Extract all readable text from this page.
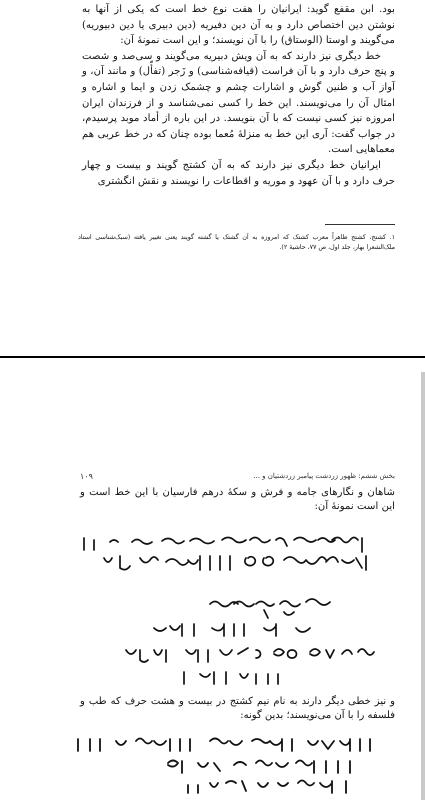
بود. ابن مقفع گوید: ایرانیان را هفت نوع خط است که یکی از آنها به نوشتن دین اختصاص دارد و به آن دین دفیریه (دین دبیری یا دین دبیوریه) می‌گویند و اوستا (الوستاق) را با آن نویسند؛ و این است نمونهٔ آن:

خط دیگری نیز دارند که به آن ویش دبیریه می‌گویند و سی‌صد و شصت و پنج حرف دارد و با آن فراست (قیافه‌شناسی) و زَجر (تفأّل) و مانند آن، و آواز آب و طنین گوش و اشارات چشم و چشمک زدن و ایما و اشاره و امثال آن را می‌نویسند. این خط را کسی نمی‌شناسد و از فرزندان ایران امروزه نیز کسی نیست که با آن بنویسد. در این باره از أماد موبد پرسیدم، در جواب گفت: آری این خط به منزلهٔ مُعما بوده چنان که در خط عربی هم معماهایی است.

ایرانیان خط دیگری نیز دارند که به آن کشتج گویند و بیست و چهار حرف دارد و با آن عهود و موریه و اقطاعات را نویسند و نقش انگشتری

۱. کشتج، کشتج ظاهراً معرب کشتک که امروزه به آن گشتک یا گشته گویند یعنی تغییر یافته (سبک‌شناسی استاد ملک‌الشعرا بهار، جلد اول، ص ۷۷، حاشیهٔ ۲).
بخش ششم: ظهور زردشت پیامبر زردشتیان و ...
۱۰۹
شاهان و نگارهای جامه و فرش و سکهٔ درهم فارسیان با این خط است و این است نمونهٔ آن:
و نیز خطی دیگر دارند به نام نیم کشتج در بیست و هشت حرف که طب و فلسفه را با آن می‌نویسند؛ بدین گونه:
